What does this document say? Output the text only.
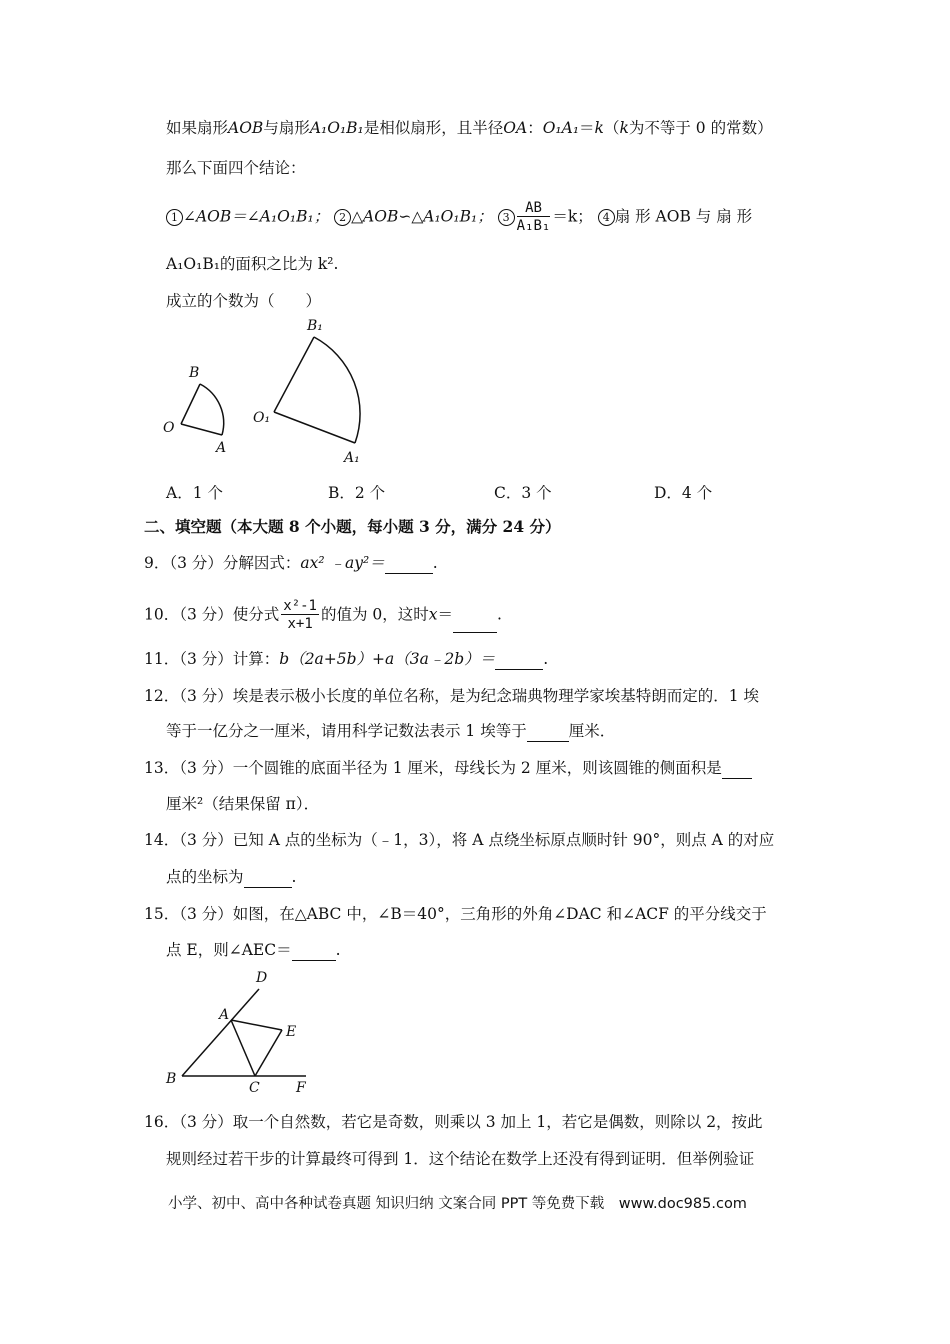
如果扇形AOB与扇形A₁O₁B₁是相似扇形，且半径OA：O₁A₁＝k（k为不等于 0 的常数）
那么下面四个结论：
1 ∠AOB＝∠A₁O₁B₁； 2 △AOB∽△A₁O₁B₁； $3 \frac{AB}{\text{A₁B₁}} =k$； 4 扇 形 AOB 与 扇 形
A₁O₁B₁的面积之比为 k².
成立的个数为（　　）
B
O
A
B₁
O₁
A₁
A．1 个	B．2 个	C．3 个	D．4 个
二、填空题（本大题 8 个小题，每小题 3 分，满分 24 分）
9．（3 分）分解因式：ax² ﹣ay²＝	.
10．（3 分）使分式 $\frac{\text{x²-1}}{x+1}$ 的值为 0，这时x＝	.
11．（3 分）计算：b（2a+5b）+a（3a﹣2b）＝	.
12．（3 分）埃是表示极小长度的单位名称，是为纪念瑞典物理学家埃基特朗而定的．1 埃
等于一亿分之一厘米，请用科学记数法表示 1 埃等于	厘米．
13．（3 分）一个圆锥的底面半径为 1 厘米，母线长为 2 厘米，则该圆锥的侧面积是
厘米²（结果保留 π）．
14．（3 分）已知 A 点的坐标为（﹣1，3），将 A 点绕坐标原点顺时针 90°，则点 A 的对应
点的坐标为	.
15．（3 分）如图，在△ABC 中，∠B＝40°，三角形的外角∠DAC 和∠ACF 的平分线交于
点 E，则∠AEC＝	.
D
A
E
B
C	F
16．（3 分）取一个自然数，若它是奇数，则乘以 3 加上 1，若它是偶数，则除以 2，按此
规则经过若干步的计算最终可得到 1．这个结论在数学上还没有得到证明．但举例验证
小学、初中、高中各种试卷真题 知识归纳 文案合同 PPT 等免费下载　www.doc985.com
